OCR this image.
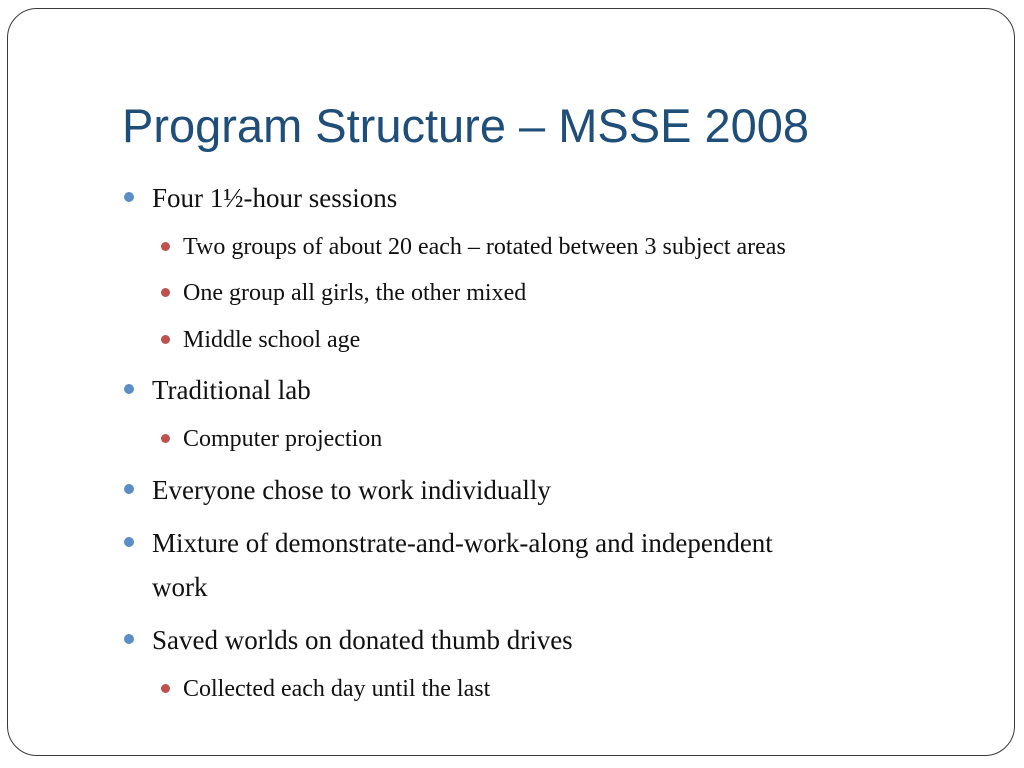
Program Structure – MSSE 2008
Four 1½-hour sessions
Two groups of about 20 each – rotated between 3 subject areas
One group all girls, the other mixed
Middle school age
Traditional lab
Computer projection
Everyone chose to work individually
Mixture of demonstrate-and-work-along and independent
work
Saved worlds on donated thumb drives
Collected each day until the last
